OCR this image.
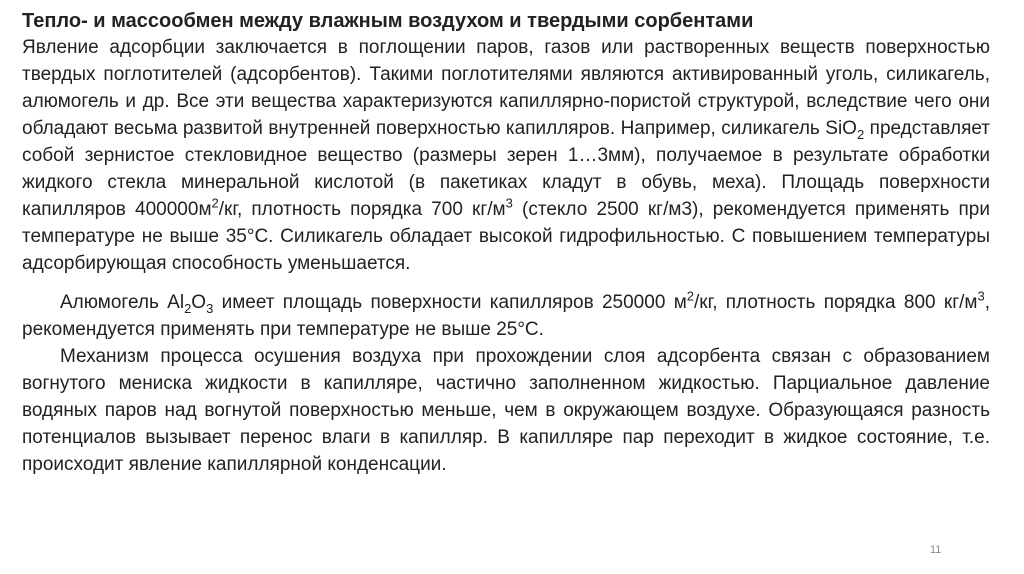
Тепло- и массообмен между влажным воздухом и твердыми сорбентами

Явление адсорбции заключается в поглощении паров, газов или растворенных веществ поверхностью твердых поглотителей (адсорбентов). Такими поглотителями являются активированный уголь, силикагель, алюмогель и др. Все эти вещества характеризуются капиллярно-пористой структурой, вследствие чего они обладают весьма развитой внутренней поверхностью капилляров. Например, силикагель SiO$_2$ представляет собой зернистое стекловидное вещество (размеры зерен 1…3мм), получаемое в результате обработки жидкого стекла минеральной кислотой (в пакетиках кладут в обувь, меха). Площадь поверхности капилляров $400000м^2/кг$, плотность порядка 700 $кг/м^3$ (стекло 2500 кг/м3), рекомендуется применять при температуре не выше 35°С. Силикагель обладает высокой гидрофильностью. С повышением температуры адсорбирующая способность уменьшается.

Алюмогель $Al_2O_3$ имеет площадь поверхности капилляров 250000 $м^2/кг$, плотность порядка 800 $кг/м^3$, рекомендуется применять при температуре не выше 25°С.

Механизм процесса осушения воздуха при прохождении слоя адсорбента связан с образованием вогнутого мениска жидкости в капилляре, частично заполненном жидкостью. Парциальное давление водяных паров над вогнутой поверхностью меньше, чем в окружающем воздухе. Образующаяся разность потенциалов вызывает перенос влаги в капилляр. В капилляре пар переходит в жидкое состояние, т.е. происходит явление капиллярной конденсации.

11
